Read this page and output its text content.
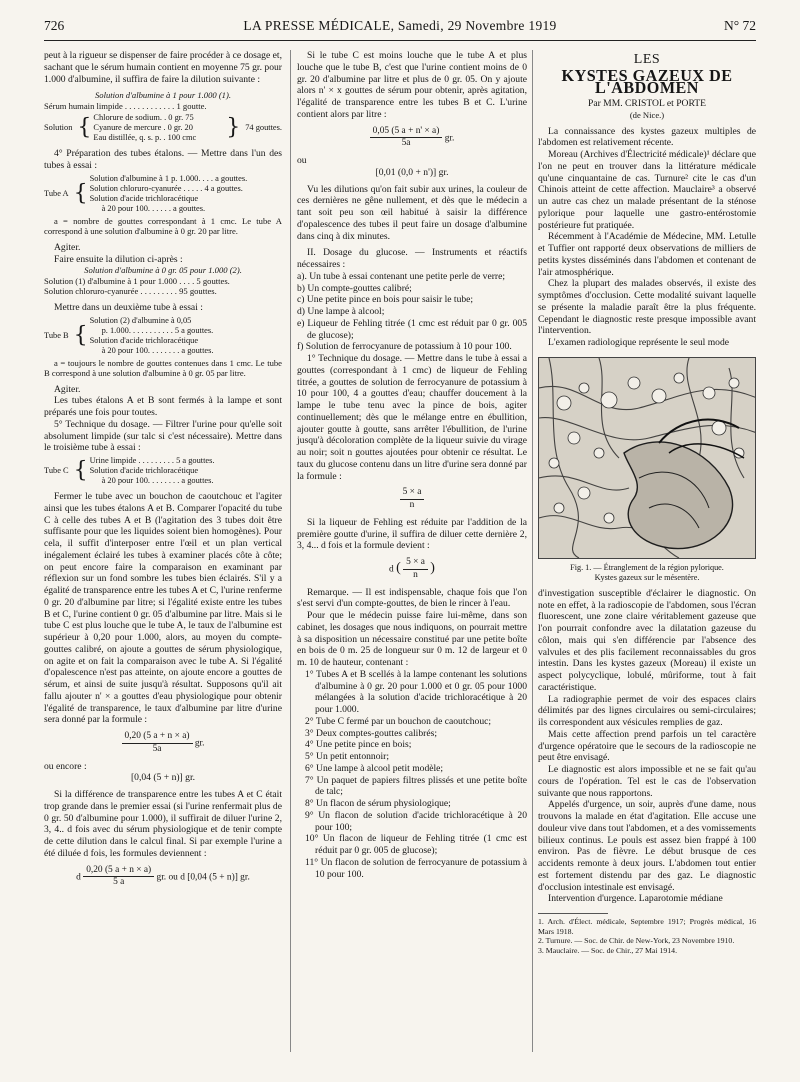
726	LA PRESSE MÉDICALE, Samedi, 29 Novembre 1919	N° 72

peut à la rigueur se dispenser de faire procéder à ce dosage et, sachant que le sérum humain contient en moyenne 75 gr. pour 1.000 d'albumine, il suffira de faire la dilution suivante :

Solution d'albumine à 1 pour 1.000 (1).

Sérum humain limpide . . . . . . . . . . . . 1 goutte.

Solution { Chlorure de sodium. . 0 gr. 75
Cyanure de mercure . 0 gr. 20
Eau distillée, q. s. p. . 100 cmc	} 74 gouttes.

4° Préparation des tubes étalons. — Mettre dans l'un des tubes à essai :

Tube A {
Solution d'albumine à 1 p. 1.000. . . . a gouttes.
Solution chloruro-cyanurée . . . . . 4 a gouttes.
Solution d'acide trichloracétique
à 20 pour 100. . . . . . a gouttes.

a = nombre de gouttes correspondant à 1 cmc. Le tube A correspond à une solution d'albumine à 0 gr. 20 par litre.

Agiter.

Faire ensuite la dilution ci-après :

Solution d'albumine à 0 gr. 05 pour 1.000 (2).

Solution (1) d'albumine à 1 pour 1.000 . . . . 5 gouttes.

Solution chloruro-cyanurée . . . . . . . . . 95 gouttes.

Mettre dans un deuxième tube à essai :

Tube B {
Solution (2) d'albumine à 0,05
p. 1.000. . . . . . . . . . . 5 a gouttes.
Solution d'acide trichloracétique
à 20 pour 100. . . . . . . . a gouttes.

a = toujours le nombre de gouttes contenues dans 1 cmc. Le tube B correspond à une solution d'albumine à 0 gr. 05 par litre.

Agiter.

Les tubes étalons A et B sont fermés à la lampe et sont préparés une fois pour toutes.

5° Technique du dosage. — Filtrer l'urine pour qu'elle soit absolument limpide (sur talc si c'est nécessaire). Mettre dans le troisième tube à essai :

Tube C { Urine limpide . . . . . . . . . 5 a gouttes.
Solution d'acide trichloracétique
à 20 pour 100. . . . . . . . a gouttes.

Fermer le tube avec un bouchon de caoutchouc et l'agiter ainsi que les tubes étalons A et B. Comparer l'opacité du tube C à celle des tubes A et B (l'agitation des 3 tubes doit être suffisante pour que les liquides soient bien homogènes). Pour cela, il suffit d'interposer entre l'œil et un plan vertical inégalement éclairé les tubes à examiner placés côte à côte; on peut encore faire la comparaison en examinant par réflexion sur un fond sombre les tubes bien éclairés. S'il y a égalité de transparence entre les tubes A et C, l'urine renferme 0 gr. 20 d'albumine par litre; si l'égalité existe entre les tubes B et C, l'urine contient 0 gr. 05 d'albumine par litre. Mais si le tube C est plus louche que le tube A, le taux de l'albumine est supérieur à 0,20 pour 1.000, alors, au moyen du compte-gouttes calibré, on ajoute a gouttes de sérum physiologique, on agite et on fait la comparaison avec le tube A. Si l'égalité d'opalescence n'est pas atteinte, on ajoute encore a gouttes de sérum, et ainsi de suite jusqu'à résultat. Supposons qu'il ait fallu ajouter n' × a gouttes d'eau physiologique pour obtenir l'égalité de transparence, le taux d'albumine par litre d'urine sera donné par la formule :

$\frac{0,20 (5 a + n \times a)}{5a}$ gr.

ou encore :

[0,04 (5 + n)] gr.

Si la différence de transparence entre les tubes A et C était trop grande dans le premier essai (si l'urine renfermait plus de 0 gr. 50 d'albumine pour 1.000), il suffirait de diluer l'urine 2, 3, 4.. d fois avec du sérum physiologique et de tenir compte de cette dilution dans le calcul final. Si par exemple l'urine a été diluée d fois, les formules deviennent :

d $\frac{0,20 (5 a + n \times a)}{5 a}$ gr. ou d [0,04 (5 + n)] gr.

Si le tube C est moins louche que le tube A et plus louche que le tube B, c'est que l'urine contient moins de 0 gr. 20 d'albumine par litre et plus de 0 gr. 05. On y ajoute alors n' × x gouttes de sérum pour obtenir, après agitation, l'égalité de transparence entre les tubes B et C. L'urine contient alors par litre :

$\frac{0,05 (5 a + n' \times a)}{5a}$ gr.

ou

[0,01 (0,0 + n')] gr.

Vu les dilutions qu'on fait subir aux urines, la couleur de ces dernières ne gêne nullement, et dès que le médecin a tant soit peu son œil habitué à saisir la différence d'opalescence des tubes il peut faire un dosage d'albumine dans cinq à dix minutes.

II. Dosage du glucose. — Instruments et réactifs nécessaires :

a). Un tube à essai contenant une petite perle de verre;

b) Un compte-gouttes calibré;

c) Une petite pince en bois pour saisir le tube;

d) Une lampe à alcool;

e) Liqueur de Fehling titrée (1 cmc est réduit par 0 gr. 005 de glucose);

f) Solution de ferrocyanure de potassium à 10 pour 100.

1° Technique du dosage. — Mettre dans le tube à essai a gouttes (correspondant à 1 cmc) de liqueur de Fehling titrée, a gouttes de solution de ferrocyanure de potassium à 10 pour 100, 4 a gouttes d'eau; chauffer doucement à la lampe le tube tenu avec la pince de bois, agiter continuellement; dès que le mélange entre en ébullition, ajouter goutte à goutte, sans arrêter l'ébullition, de l'urine jusqu'à décoloration complète de la liqueur suivie du virage au noir; soit n gouttes ajoutées pour obtenir ce résultat. Le taux du glucose contenu dans un litre d'urine sera donné par la formule :

$\frac{5 \times a}{n}$

Si la liqueur de Fehling est réduite par l'addition de la première goutte d'urine, il suffira de diluer cette dernière 2, 3, 4... d fois et la formule devient :

d ( $\frac{5 \times a}{n}$ )

Remarque. — Il est indispensable, chaque fois que l'on s'est servi d'un compte-gouttes, de bien le rincer à l'eau.

Pour que le médecin puisse faire lui-même, dans son cabinet, les dosages que nous indiquons, on pourrait mettre à sa disposition un nécessaire constitué par une petite boîte en bois de 0 m. 25 de longueur sur 0 m. 12 de largeur et 0 m. 10 de hauteur, contenant :

1° Tubes A et B scellés à la lampe contenant les solutions d'albumine à 0 gr. 20 pour 1.000 et 0 gr. 05 pour 1000 mélangées à la solution d'acide trichloracétique à 20 pour 1.000.

2° Tube C fermé par un bouchon de caoutchouc;

3° Deux comptes-gouttes calibrés;

4° Une petite pince en bois;

5° Un petit entonnoir;

6° Une lampe à alcool petit modèle;

7° Un paquet de papiers filtres plissés et une petite boîte de talc;

8° Un flacon de sérum physiologique;

9° Un flacon de solution d'acide trichloracétique à 20 pour 100;

10° Un flacon de liqueur de Fehling titrée (1 cmc est réduit par 0 gr. 005 de glucose);

11° Un flacon de solution de ferrocyanure de potassium à 10 pour 100.

LES
KYSTES GAZEUX DE L'ABDOMEN

Par MM. CRISTOL et PORTE

(de Nice.)

La connaissance des kystes gazeux multiples de l'abdomen est relativement récente.

Moreau (Archives d'Électricité médicale)¹ déclare que l'on ne peut en trouver dans la littérature médicale qu'une cinquantaine de cas. Turnure² cite le cas d'un Chinois atteint de cette affection. Mauclaire³ a observé un autre cas chez un malade présentant de la sténose pylorique pour laquelle une gastro-entérostomie postérieure fut pratiquée.

Récemment à l'Académie de Médecine, MM. Letulle et Tuffier ont rapporté deux observations de milliers de petits kystes disséminés dans l'abdomen et contenant de l'air atmosphérique.

Chez la plupart des malades observés, il existe des symptômes d'occlusion. Cette modalité suivant laquelle se présente la maladie paraît être la plus fréquente. Cependant le diagnostic reste presque impossible avant l'intervention.

L'examen radiologique représente le seul mode

Fig. 1. — Étranglement de la région pylorique.

Kystes gazeux sur le mésentère.

d'investigation susceptible d'éclairer le diagnostic. On note en effet, à la radioscopie de l'abdomen, sous l'écran fluorescent, une zone claire véritablement gazeuse que l'on pourrait confondre avec la dilatation gazeuse du côlon, mais qui s'en différencie par l'absence des valvules et des plis facilement reconnaissables du gros intestin. Dans les kystes gazeux (Moreau) il existe un aspect polycyclique, lobulé, mûriforme, tout à fait caractéristique.

La radiographie permet de voir des espaces clairs délimités par des lignes circulaires ou semi-circulaires; ils correspondent aux vésicules remplies de gaz.

Mais cette affection prend parfois un tel caractère d'urgence opératoire que le secours de la radioscopie ne peut être envisagé.

Le diagnostic est alors impossible et ne se fait qu'au cours de l'opération. Tel est le cas de l'observation suivante que nous rapportons.

Appelés d'urgence, un soir, auprès d'une dame, nous trouvons la malade en état d'agitation. Elle accuse une douleur vive dans tout l'abdomen, et a des vomissements bilieux continus. Le pouls est assez bien frappé à 100 environ. Pas de fièvre. Le début brusque de ces accidents remonte à deux jours. L'abdomen tout entier est fortement distendu par des gaz. Le diagnostic d'occlusion intestinale est envisagé.

Intervention d'urgence. Laparotomie médiane

1. Arch. d'Élect. médicale, Septembre 1917; Progrès médical, 16 Mars 1918.

2. Turnure. — Soc. de Chir. de New-York, 23 Novembre 1910.

3. Mauclaire. — Soc. de Chir., 27 Mai 1914.
